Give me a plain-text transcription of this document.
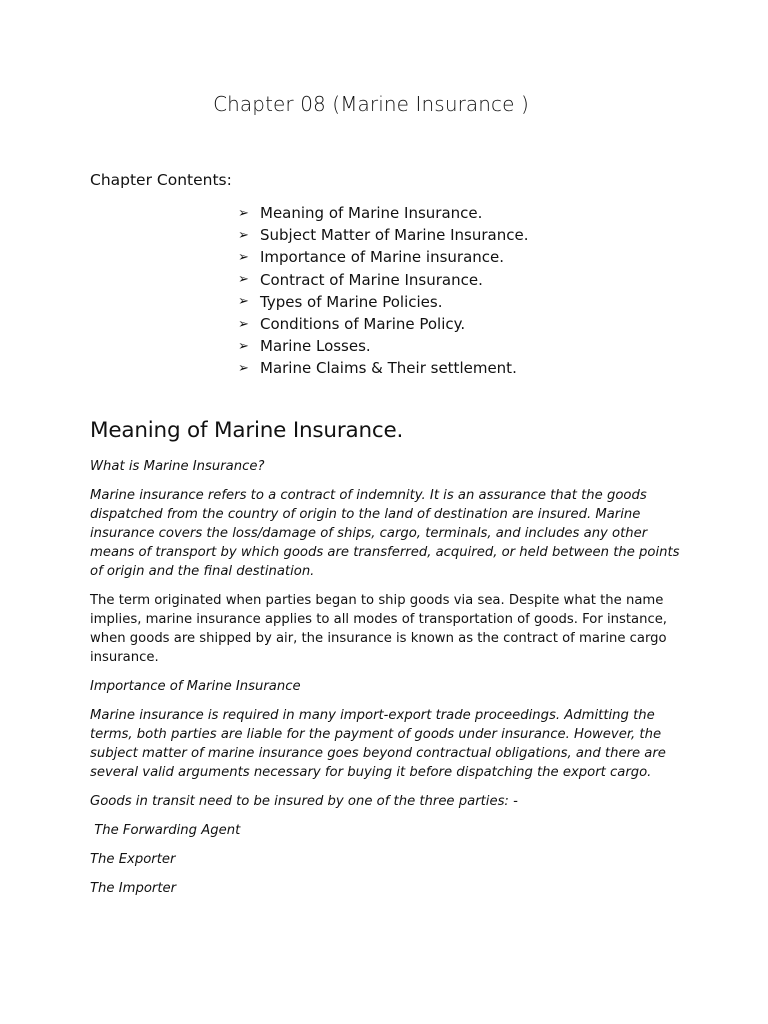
Chapter 08 (Marine Insurance )
Chapter Contents:
➢ Meaning of Marine Insurance.
➢ Subject Matter of Marine Insurance.
➢ Importance of Marine insurance.
➢ Contract of Marine Insurance.
➢ Types of Marine Policies.
➢ Conditions of Marine Policy.
➢ Marine Losses.
➢ Marine Claims & Their settlement.
Meaning of Marine Insurance.

What is Marine Insurance?

Marine insurance refers to a contract of indemnity. It is an assurance that the goods dispatched from the country of origin to the land of destination are insured. Marine insurance covers the loss/damage of ships, cargo, terminals, and includes any other means of transport by which goods are transferred, acquired, or held between the points of origin and the final destination.

The term originated when parties began to ship goods via sea. Despite what the name implies, marine insurance applies to all modes of transportation of goods. For instance, when goods are shipped by air, the insurance is known as the contract of marine cargo insurance.

Importance of Marine Insurance

Marine insurance is required in many import-export trade proceedings. Admitting the terms, both parties are liable for the payment of goods under insurance. However, the subject matter of marine insurance goes beyond contractual obligations, and there are several valid arguments necessary for buying it before dispatching the export cargo.

Goods in transit need to be insured by one of the three parties: -

The Forwarding Agent

The Exporter

The Importer
